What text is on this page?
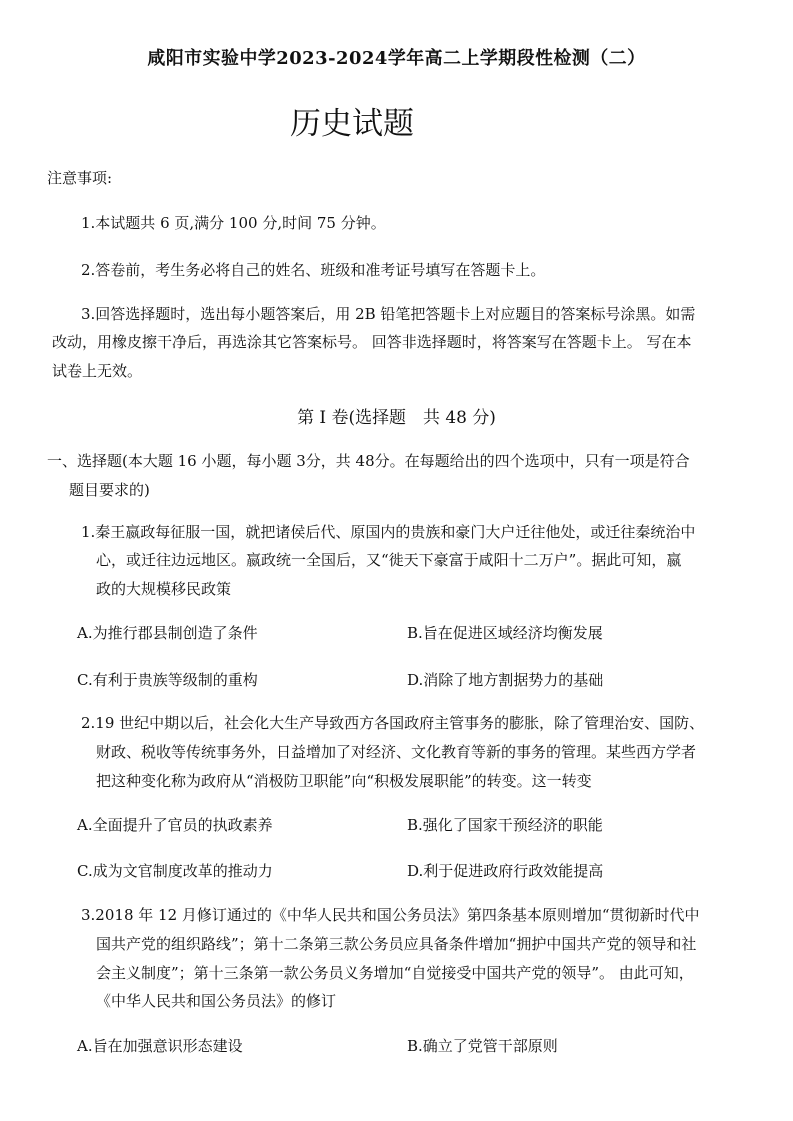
咸阳市实验中学2023-2024学年高二上学期段性检测（二）
历史试题
注意事项:
1.本试题共 6 页,满分 100 分,时间 75 分钟。
2.答卷前，考生务必将自己的姓名、班级和准考证号填写在答题卡上。
3.回答选择题时，选出每小题答案后，用 2B 铅笔把答题卡上对应题目的答案标号涂黑。如需
改动，用橡皮擦干净后，再选涂其它答案标号。 回答非选择题时，将答案写在答题卡上。 写在本
试卷上无效。
第 Ⅰ 卷(选择题　共 48 分)
一、选择题(本大题 16 小题，每小题 3分，共 48分。在每题给出的四个选项中，只有一项是符合
题目要求的)
1.秦王嬴政每征服一国，就把诸侯后代、原国内的贵族和豪门大户迁往他处，或迁往秦统治中
心，或迁往边远地区。嬴政统一全国后，又“徙天下豪富于咸阳十二万户”。据此可知，嬴
政的大规模移民政策
A.为推行郡县制创造了条件	B.旨在促进区域经济均衡发展
C.有利于贵族等级制的重构	D.消除了地方割据势力的基础
2.19 世纪中期以后，社会化大生产导致西方各国政府主管事务的膨胀，除了管理治安、国防、
财政、税收等传统事务外，日益增加了对经济、文化教育等新的事务的管理。某些西方学者
把这种变化称为政府从“消极防卫职能”向“积极发展职能”的转变。这一转变
A.全面提升了官员的执政素养	B.强化了国家干预经济的职能
C.成为文官制度改革的推动力	D.利于促进政府行政效能提高
3.2018 年 12 月修订通过的《中华人民共和国公务员法》第四条基本原则增加“贯彻新时代中
国共产党的组织路线”；第十二条第三款公务员应具备条件增加“拥护中国共产党的领导和社
会主义制度”；第十三条第一款公务员义务增加“自觉接受中国共产党的领导”。 由此可知，
《中华人民共和国公务员法》的修订
A.旨在加强意识形态建设	B.确立了党管干部原则
